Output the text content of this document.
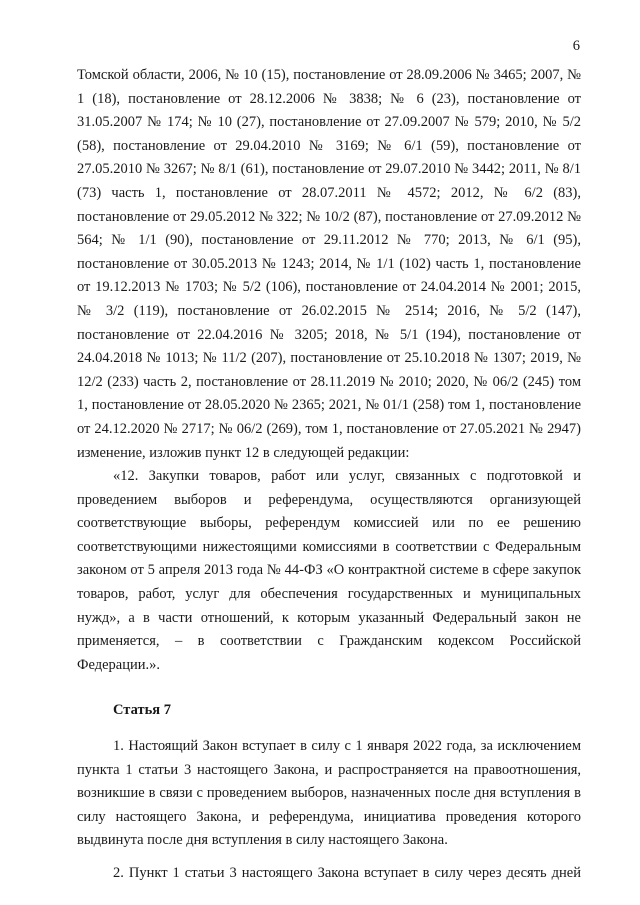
6

Томской области, 2006, № 10 (15), постановление от 28.09.2006 № 3465; 2007, № 1 (18), постановление от 28.12.2006 № 3838; № 6 (23), постановление от 31.05.2007 № 174; № 10 (27), постановление от 27.09.2007 № 579; 2010, № 5/2 (58), постановление от 29.04.2010 № 3169; № 6/1 (59), постановление от 27.05.2010 № 3267; № 8/1 (61), постановление от 29.07.2010 № 3442; 2011, № 8/1 (73) часть 1, постановление от 28.07.2011 № 4572; 2012, № 6/2 (83), постановление от 29.05.2012 № 322; № 10/2 (87), постановление от 27.09.2012 № 564; № 1/1 (90), постановление от 29.11.2012 № 770; 2013, № 6/1 (95), постановление от 30.05.2013 № 1243; 2014, № 1/1 (102) часть 1, постановление от 19.12.2013 № 1703; № 5/2 (106), постановление от 24.04.2014 № 2001; 2015, № 3/2 (119), постановление от 26.02.2015 № 2514; 2016, № 5/2 (147), постановление от 22.04.2016 № 3205; 2018, № 5/1 (194), постановление от 24.04.2018 № 1013; № 11/2 (207), постановление от 25.10.2018 № 1307; 2019, № 12/2 (233) часть 2, постановление от 28.11.2019 № 2010; 2020, № 06/2 (245) том 1, постановление от 28.05.2020 № 2365; 2021, № 01/1 (258) том 1, постановление от 24.12.2020 № 2717; № 06/2 (269), том 1, постановление от 27.05.2021 № 2947) изменение, изложив пункт 12 в следующей редакции:

«12. Закупки товаров, работ или услуг, связанных с подготовкой и проведением выборов и референдума, осуществляются организующей соответствующие выборы, референдум комиссией или по ее решению соответствующими нижестоящими комиссиями в соответствии с Федеральным законом от 5 апреля 2013 года № 44-ФЗ «О контрактной системе в сфере закупок товаров, работ, услуг для обеспечения государственных и муниципальных нужд», а в части отношений, к которым указанный Федеральный закон не применяется, – в соответствии с Гражданским кодексом Российской Федерации.».

Статья 7

1. Настоящий Закон вступает в силу с 1 января 2022 года, за исключением пункта 1 статьи 3 настоящего Закона, и распространяется на правоотношения, возникшие в связи с проведением выборов, назначенных после дня вступления в силу настоящего Закона, и референдума, инициатива проведения которого выдвинута после дня вступления в силу настоящего Закона.

2. Пункт 1 статьи 3 настоящего Закона вступает в силу через десять дней
